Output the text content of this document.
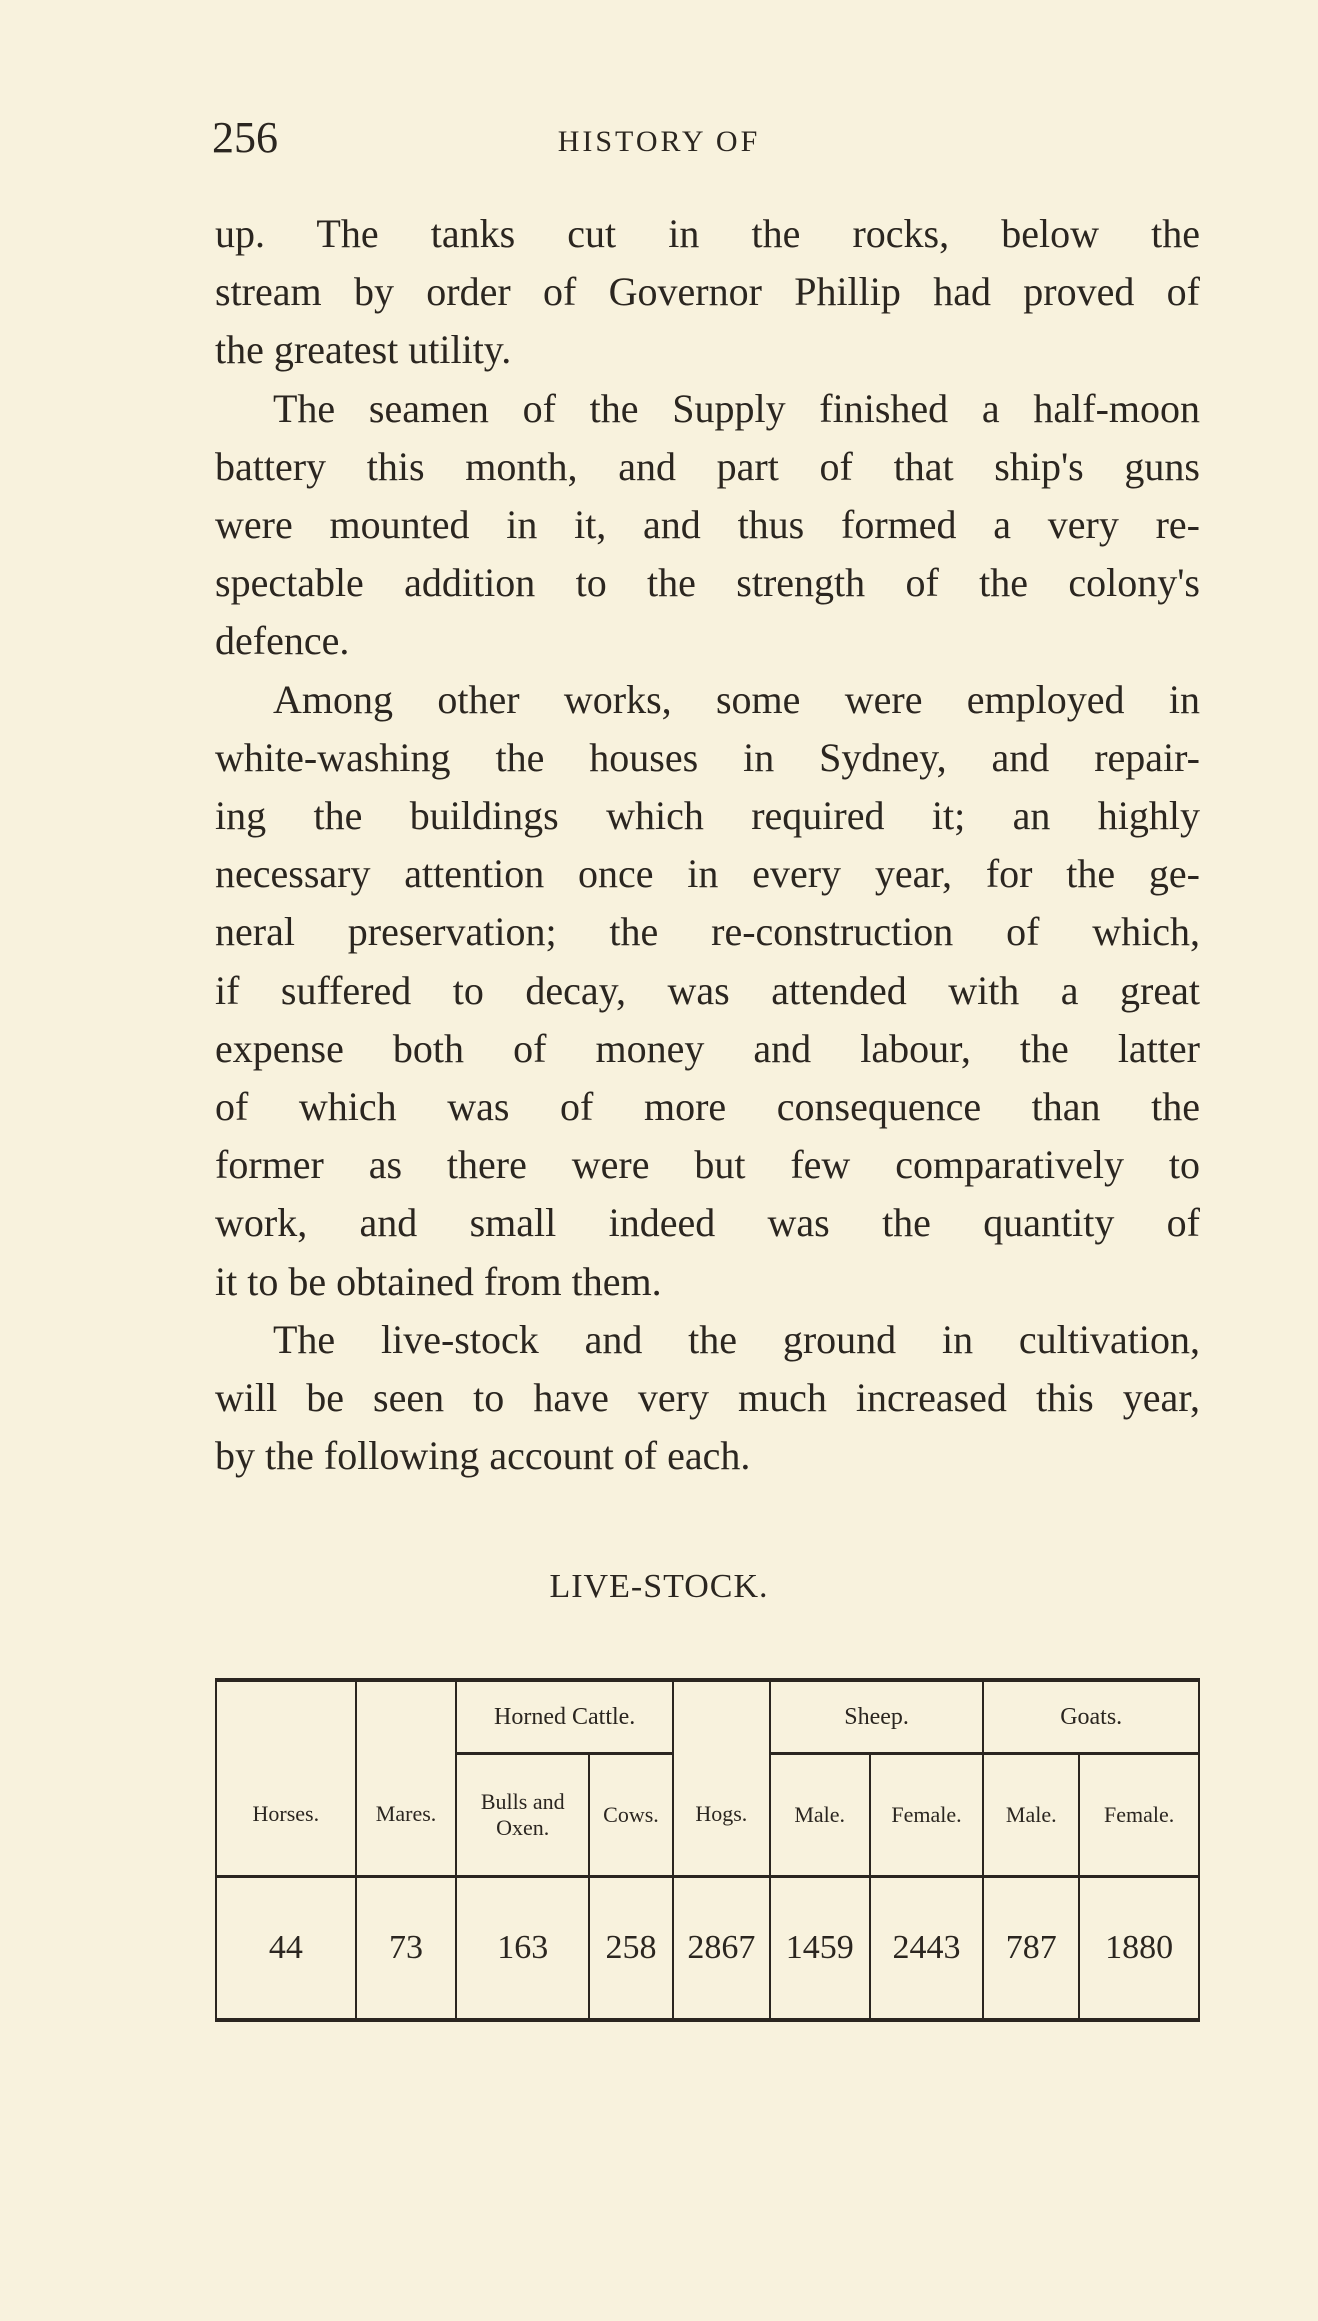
256	HISTORY OF
up. The tanks cut in the rocks, below the
stream by order of Governor Phillip had proved of
the greatest utility.
The seamen of the Supply finished a half-moon
battery this month, and part of that ship's guns
were mounted in it, and thus formed a very re-
spectable addition to the strength of the colony's
defence.
Among other works, some were employed in
white-washing the houses in Sydney, and repair-
ing the buildings which required it; an highly
necessary attention once in every year, for the ge-
neral preservation; the re-construction of which,
if suffered to decay, was attended with a great
expense both of money and labour, the latter
of which was of more consequence than the
former as there were but few comparatively to
work, and small indeed was the quantity of
it to be obtained from them.
The live-stock and the ground in cultivation,
will be seen to have very much increased this year,
by the following account of each.
LIVE-STOCK.
		Horned Cattle.			Sheep.		Goats.	
Horses.	Mares.	Bulls and Oxen.	Cows.	Hogs.	Male.	Female.	Male.	Female.
44	73	163	258	2867	1459	2443	787	1880
